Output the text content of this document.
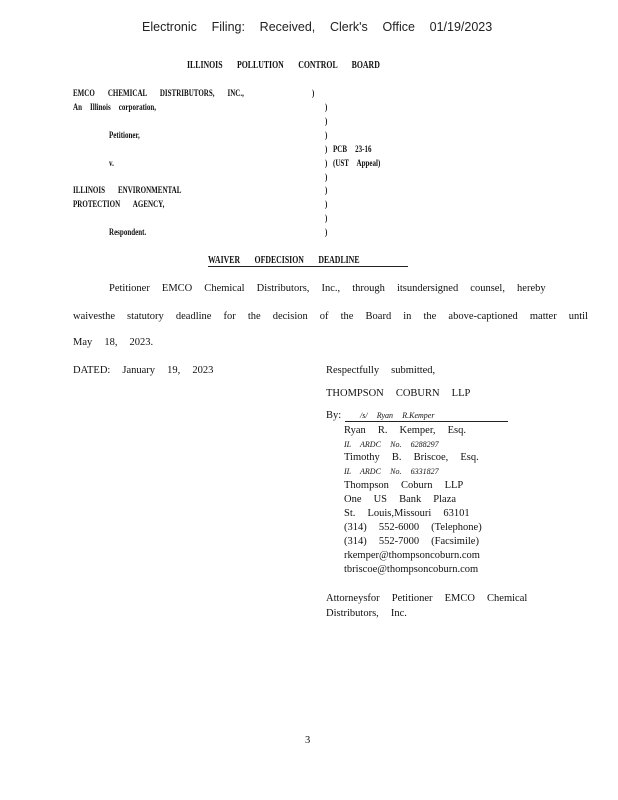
Electronic Filing: Received, Clerk's Office 01/19/2023
ILLINOIS POLLUTION CONTROL BOARD
EMCO CHEMICAL DISTRIBUTORS, INC.,
An Illinois corporation,
Petitioner,
v.
ILLINOIS ENVIRONMENTAL
PROTECTION AGENCY,
Respondent.
)
)
)
)
)
)
)
)
)
)
)
PCB 23-16
(UST Appeal)
WAIVER OFDECISION DEADLINE
Petitioner EMCO Chemical Distributors, Inc., through itsundersigned counsel, hereby
waivesthe statutory deadline for the decision of the Board in the above-captioned matter until
May 18, 2023.
DATED: January 19, 2023	Respectfully submitted,
THOMPSON COBURN LLP
By: /s/ Ryan R.Kemper
Ryan R. Kemper, Esq.
IL ARDC No. 6288297
Timothy B. Briscoe, Esq.
IL ARDC No. 6331827
Thompson Coburn LLP
One US Bank Plaza
St. Louis,Missouri 63101
(314) 552-6000 (Telephone)
(314) 552-7000 (Facsimile)
rkemper@thompsoncoburn.com
tbriscoe@thompsoncoburn.com
Attorneysfor Petitioner EMCO Chemical
Distributors, Inc.
3
